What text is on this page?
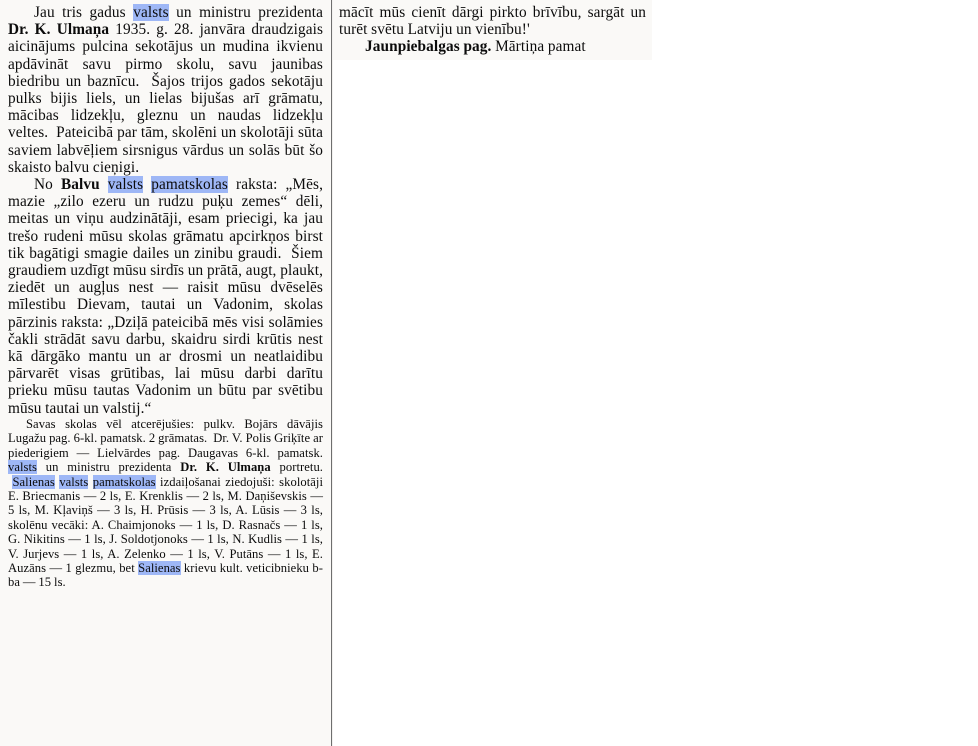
Jau tris gadus valsts un ministru prezidenta Dr. K. Ulmaņa 1935. g. 28. janvāra draudzigais aicinājums pulcina sekotājus un mudina ikvienu apdāvināt savu pirmo skolu, savu jaunibas biedribu un baznīcu.  Šajos trijos gados sekotāju pulks bijis liels, un lielas bijušas arī grāmatu, mācibas lidzekļu, gleznu un naudas lidzekļu veltes.  Pateicibā par tām, skolēni un skolotāji sūta saviem labvēļiem sirsnigus vārdus un solās būt šo skaisto balvu cieņigi.

No Balvu valsts pamatskolas raksta: „Mēs, mazie „zilo ezeru un rudzu puķu zemes“ dēli, meitas un viņu audzinātāji, esam priecigi, ka jau trešo rudeni mūsu skolas grāmatu apcirkņos birst tik bagātigi smagie dailes un zinibu graudi.  Šiem graudiem uzdīgt mūsu sirdīs un prātā, augt, plaukt, ziedēt un augļus nest — raisit mūsu dvēselēs mīlestibu Dievam, tautai un Vadonim, skolas pārzinis raksta: „Dziļā pateicibā mēs visi solāmies čakli strādāt savu darbu, skaidru sirdi krūtis nest kā dārgāko mantu un ar drosmi un neatlaidibu pārvarēt visas grūtibas, lai mūsu darbi darītu prieku mūsu tautas Vadonim un būtu par svētibu mūsu tautai un valstij.“

Savas skolas vēl atcerējušies: pulkv. Bojārs dāvājis Lugažu pag. 6-kl. pamatsk. 2 grāmatas.  Dr. V. Polis Griķīte ar piederigiem — Lielvārdes pag. Daugavas 6-kl. pamatsk. valsts un ministru prezidenta Dr. K. Ulmaņa portretu.  Salienas valsts pamatskolas izdaiļošanai ziedojuši: skolotāji E. Briecmanis — 2 ls, E. Krenklis — 2 ls, M. Daņiševskis — 5 ls, M. Kļaviņš — 3 ls, H. Prūsis — 3 ls, A. Lūsis — 3 ls, skolēnu vecāki: A. Chaimjonoks — 1 ls, D. Rasnačs — 1 ls, G. Nikitins — 1 ls, J. Soldotjonoks — 1 ls, N. Kudlis — 1 ls, V. Jurjevs — 1 ls, A. Zelenko — 1 ls, V. Putāns — 1 ls, E. Auzāns — 1 glezmu, bet Salienas krievu kult. veticibnieku b-ba — 15 ls.

mācīt mūs cienīt dārgi pirkto brīvību, sargāt un turēt svētu Latviju un vienību!'

Jaunpiebalgas pag. Mārtiņa pamat
